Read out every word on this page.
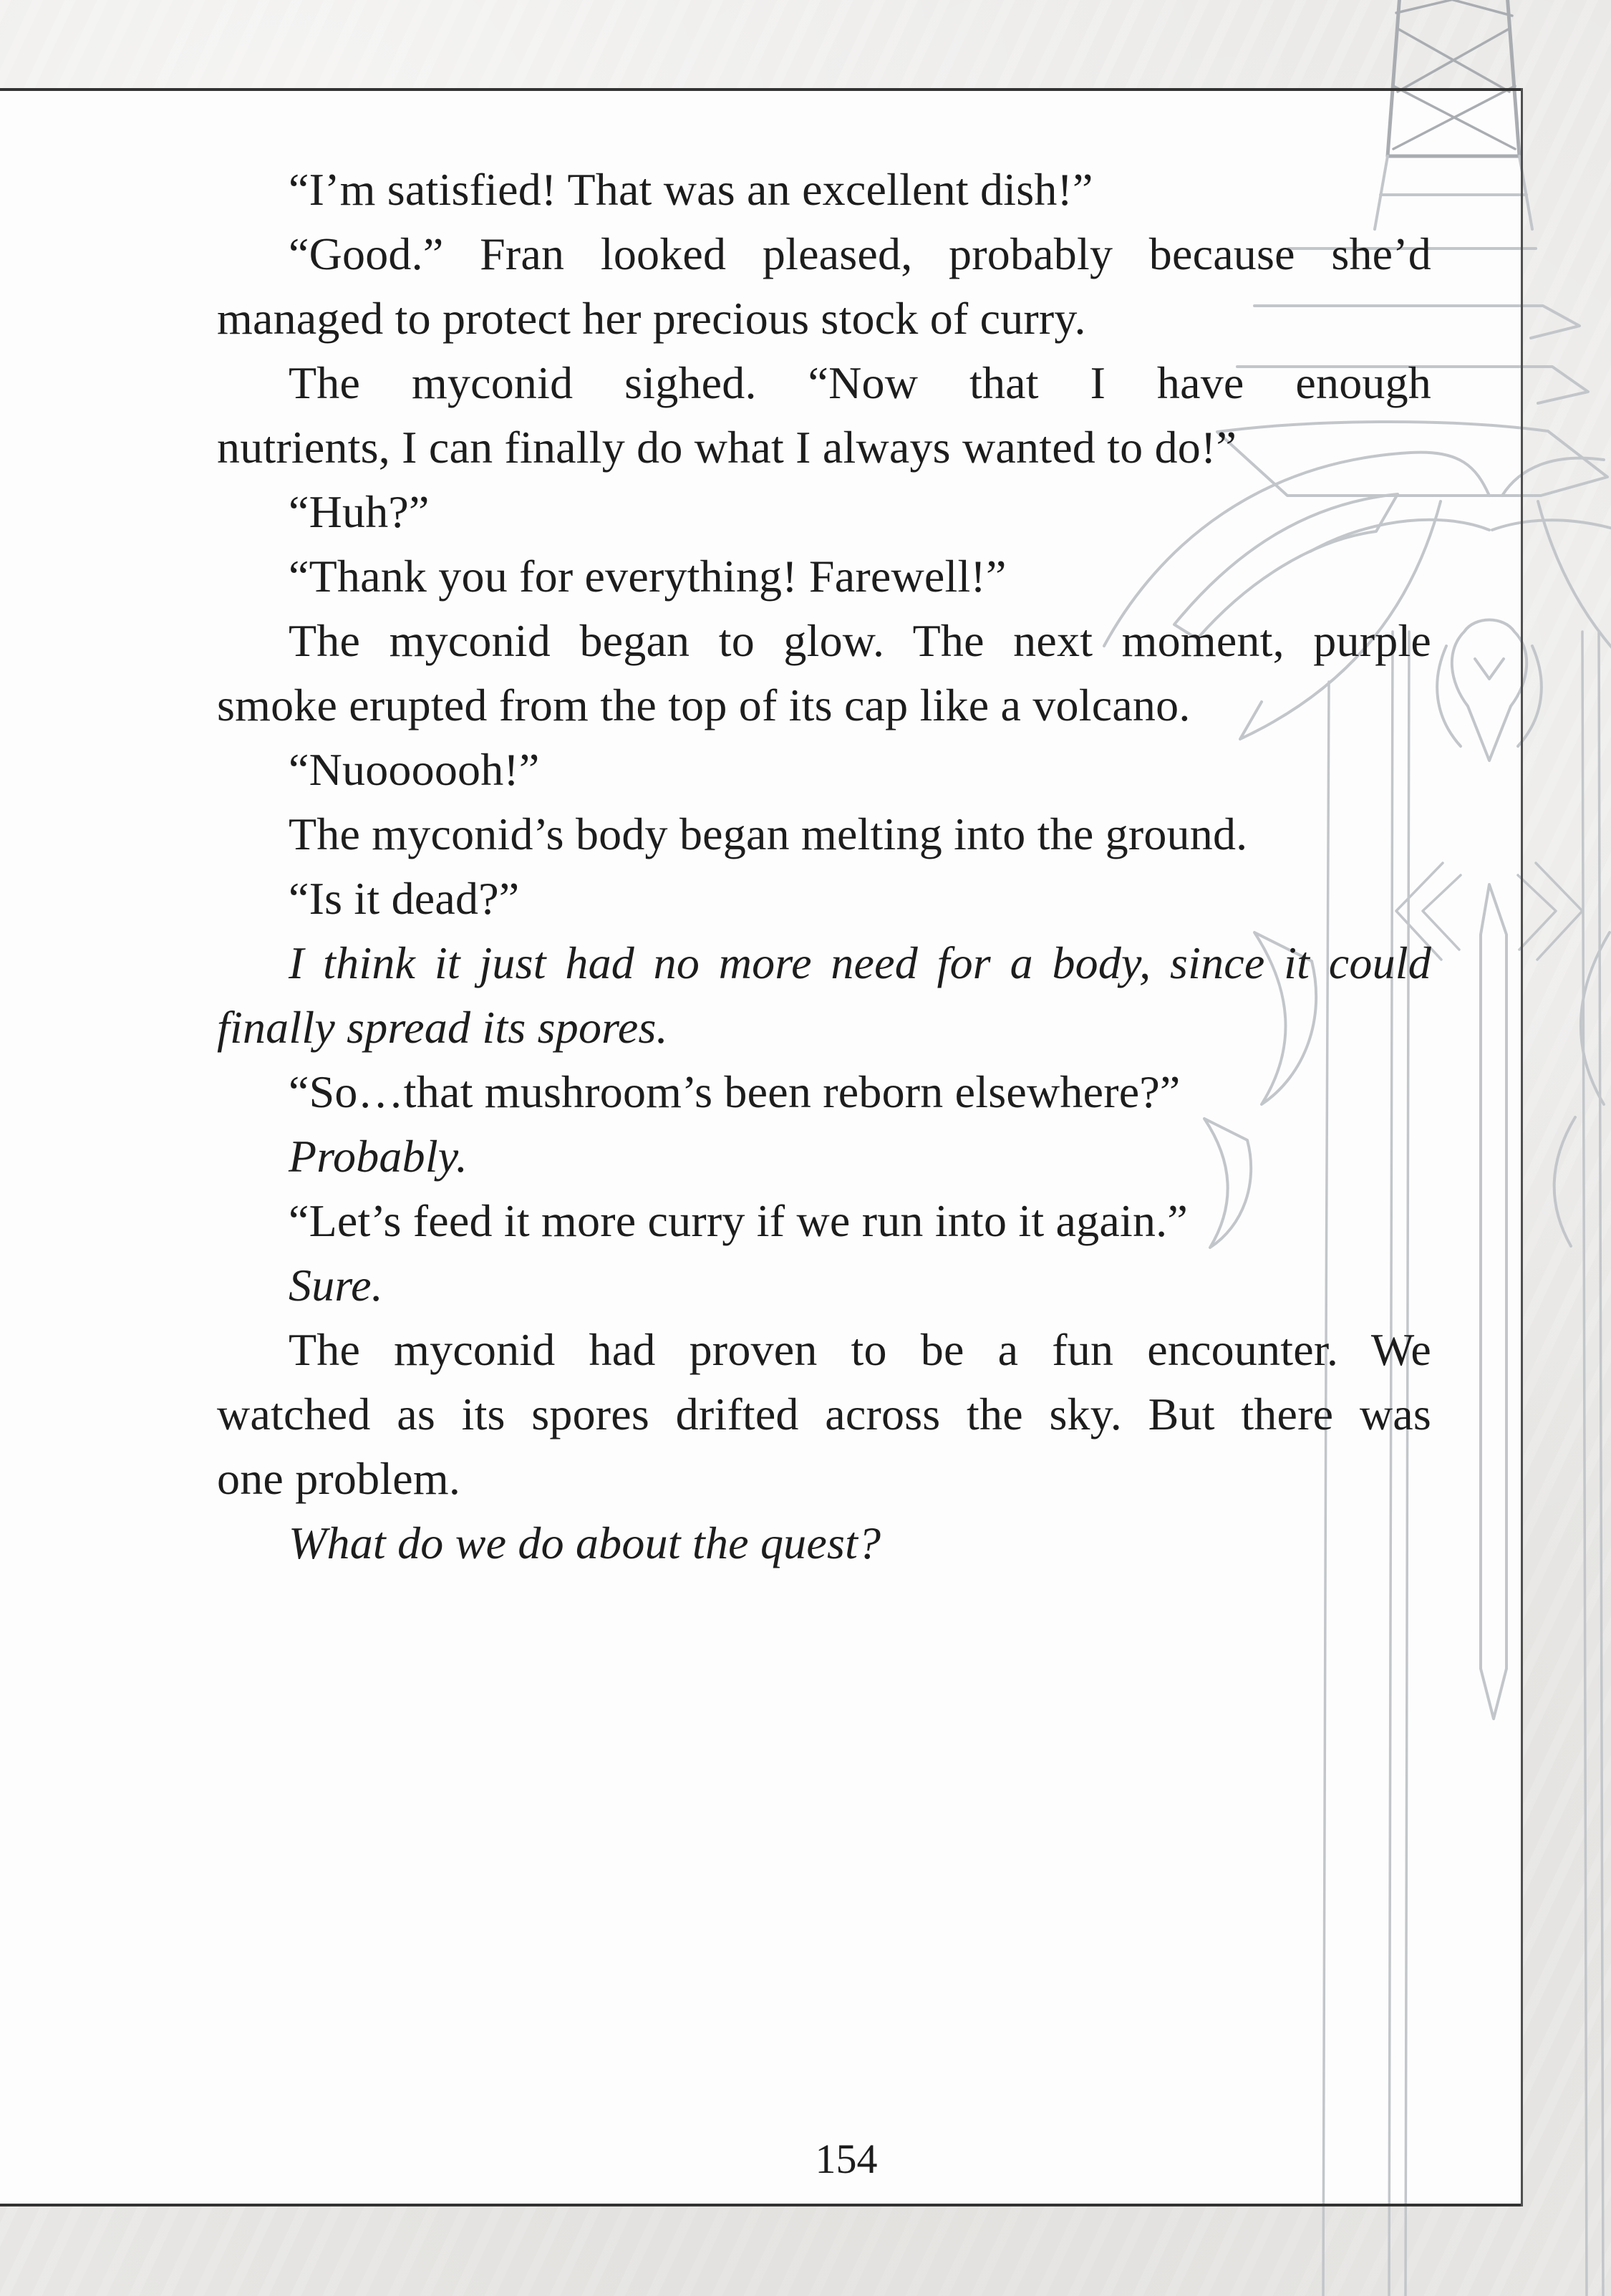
“I’m satisfied! That was an excellent dish!”
“Good.” Fran looked pleased, probably because she’d
managed to protect her precious stock of curry.
The myconid sighed. “Now that I have enough
nutrients, I can finally do what I always wanted to do!”
“Huh?”
“Thank you for everything! Farewell!”
The myconid began to glow. The next moment, purple
smoke erupted from the top of its cap like a volcano.
“Nuoooooh!”
The myconid’s body began melting into the ground.
“Is it dead?”
I think it just had no more need for a body, since it could
finally spread its spores.
“So…that mushroom’s been reborn elsewhere?”
Probably.
“Let’s feed it more curry if we run into it again.”
Sure.
The myconid had proven to be a fun encounter. We
watched as its spores drifted across the sky. But there was
one problem.
What do we do about the quest?
154
